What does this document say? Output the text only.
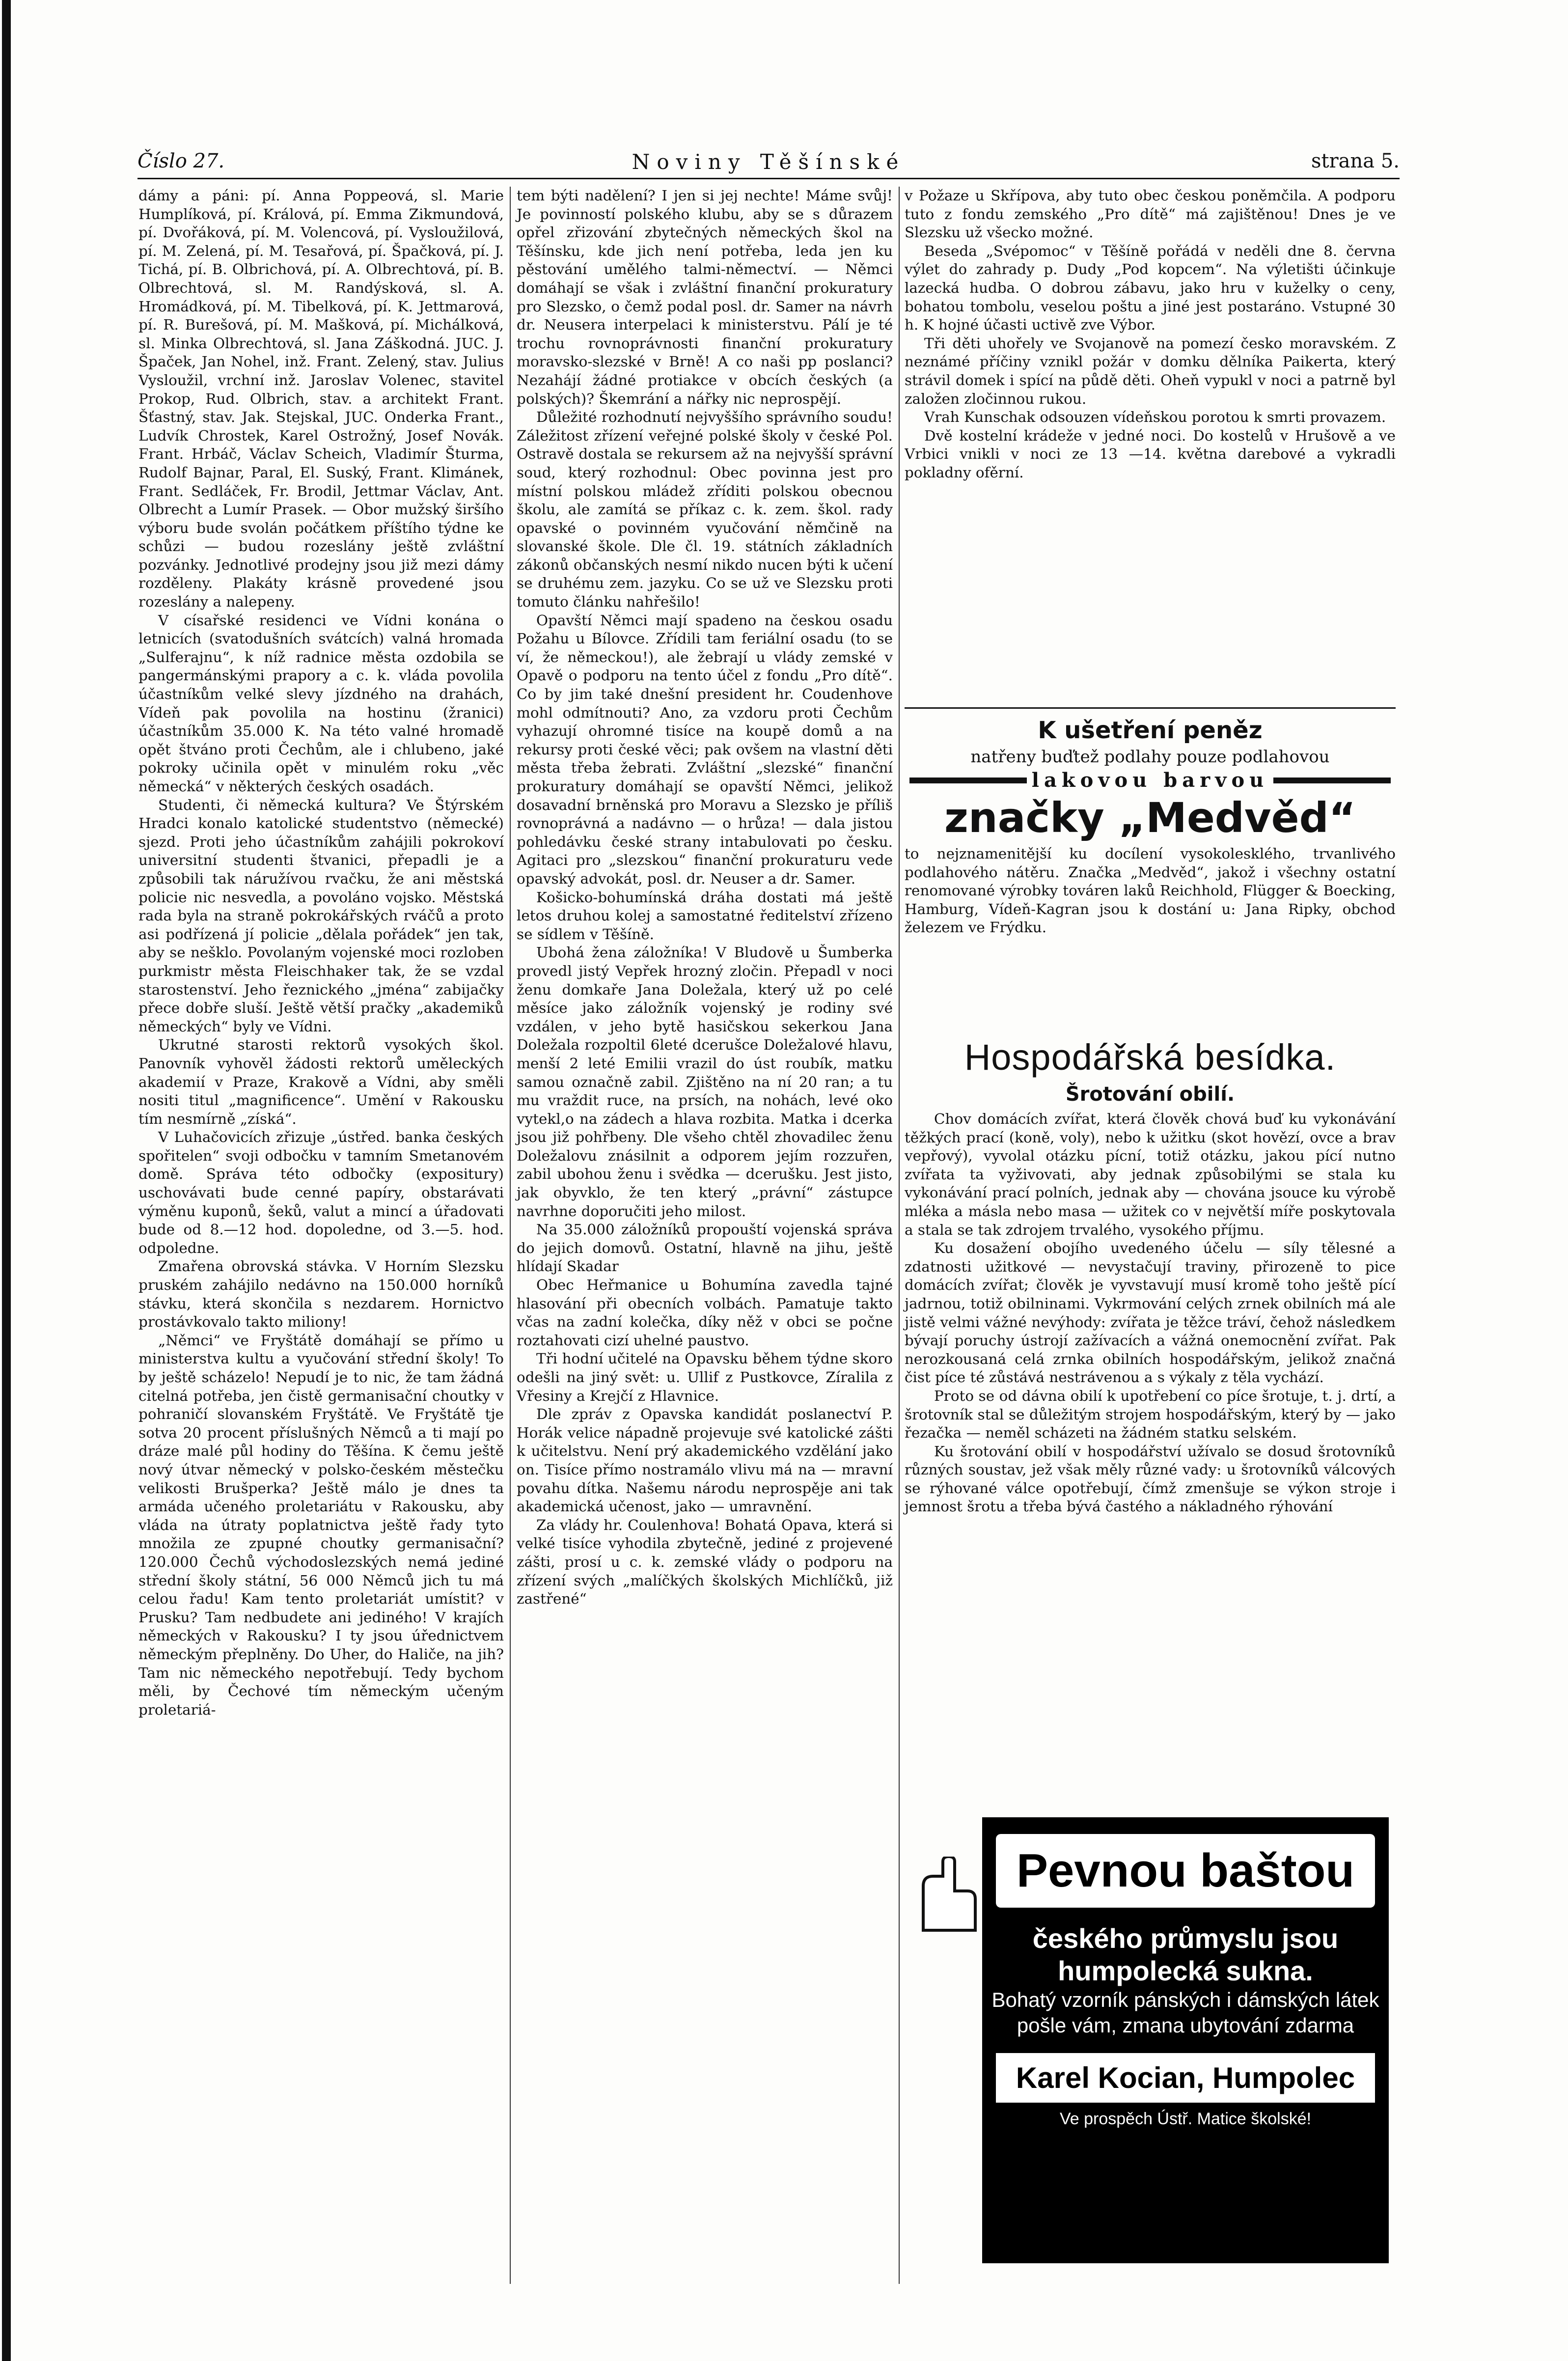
Číslo 27.	Noviny Těšínské	strana 5.

dámy a páni: pí. Anna Poppeová, sl. Marie Humplíková, pí. Králová, pí. Emma Zikmundová, pí. Dvořáková, pí. M. Volencová, pí. Vysloužilová, pí. M. Zelená, pí. M. Tesařová, pí. Špačková, pí. J. Tichá, pí. B. Olbrichová, pí. A. Olbrechtová, pí. B. Olbrechtová, sl. M. Randýsková, sl. A. Hromádková, pí. M. Tibelková, pí. K. Jettmarová, pí. R. Burešová, pí. M. Mašková, pí. Michálková, sl. Minka Olbrechtová, sl. Jana Záškodná. JUC. J. Špaček, Jan Nohel, inž. Frant. Zelený, stav. Julius Vysloužil, vrchní inž. Jaroslav Volenec, stavitel Prokop, Rud. Olbrich, stav. a architekt Frant. Šťastný, stav. Jak. Stejskal, JUC. Onderka Frant., Ludvík Chrostek, Karel Ostrožný, Josef Novák. Frant. Hrbáč, Václav Scheich, Vladimír Šturma, Rudolf Bajnar, Paral, El. Suský, Frant. Klimánek, Frant. Sedláček, Fr. Brodil, Jettmar Václav, Ant. Olbrecht a Lumír Prasek. — Obor mužský širšího výboru bude svolán počátkem příštího týdne ke schůzi — budou rozeslány ještě zvláštní pozvánky. Jednotlivé prodejny jsou již mezi dámy rozděleny. Plakáty krásně provedené jsou rozeslány a nalepeny.

V císařské residenci ve Vídni konána o letnicích (svatodušních svátcích) valná hromada „Sulferajnu“, k níž radnice města ozdobila se pangermánskými prapory a c. k. vláda povolila účastníkům velké slevy jízdného na drahách, Vídeň pak povolila na hostinu (žranici) účastníkům 35.000 K. Na této valné hromadě opět štváno proti Čechům, ale i chlubeno, jaké pokroky učinila opět v minulém roku „věc německá“ v některých českých osadách.

Studenti, či německá kultura? Ve Štýrském Hradci konalo katolické studentstvo (německé) sjezd. Proti jeho účastníkům zahájili pokrokoví universitní studenti štvanici, přepadli je a způsobili tak náružívou rvačku, že ani městská policie nic nesvedla, a povoláno vojsko. Městská rada byla na straně pokrokářských rváčů a proto asi podřízená jí policie „dělala pořádek“ jen tak, aby se nešklo. Povolaným vojenské moci rozloben purkmistr města Fleischhaker tak, že se vzdal starostenství. Jeho řeznického „jména“ zabijačky přece dobře sluší. Ještě větší pračky „akademiků německých“ byly ve Vídni.

Ukrutné starosti rektorů vysokých škol. Panovník vyhověl žádosti rektorů uměleckých akademií v Praze, Krakově a Vídni, aby směli nositi titul „magnificence“. Umění v Rakousku tím nesmírně „získá“.

V Luhačovicích zřizuje „ústřed. banka českých spořitelen“ svoji odbočku v tamním Smetanovém domě. Správa této odbočky (expositury) uschovávati bude cenné papíry, obstarávati výměnu kuponů, šeků, valut a mincí a úřadovati bude od 8.—12 hod. dopoledne, od 3.—5. hod. odpoledne.

Zmařena obrovská stávka. V Horním Slezsku pruském zahájilo nedávno na 150.000 horníků stávku, která skončila s nezdarem. Hornictvo prostávkovalo takto miliony!

„Němci“ ve Fryštátě domáhají se přímo u ministerstva kultu a vyučování střední školy! To by ještě scházelo! Nepudí je to nic, že tam žádná citelná potřeba, jen čistě germanisační choutky v pohraničí slovanském Fryštátě. Ve Fryštátě tje sotva 20 procent příslušných Němců a ti mají po dráze malé půl hodiny do Těšína. K čemu ještě nový útvar německý v polsko-českém městečku velikosti Brušperka? Ještě málo je dnes ta armáda učeného proletariátu v Rakousku, aby vláda na útraty poplatnictva ještě řady tyto množila ze zpupné choutky germanisační? 120.000 Čechů východoslezských nemá jediné střední školy státní, 56 000 Němců jich tu má celou řadu! Kam tento proletariát umístit? v Prusku? Tam nedbudete ani jediného! V krajích německých v Rakousku? I ty jsou úřednictvem německým přeplněny. Do Uher, do Haliče, na jih? Tam nic německého nepotřebují. Tedy bychom měli, by Čechové tím německým učeným proletariá-

tem býti nadělení? I jen si jej nechte! Máme svůj! Je povinností polského klubu, aby se s důrazem opřel zřizování zbytečných německých škol na Těšínsku, kde jich není potřeba, leda jen ku pěstování umělého talmi-němectví. — Němci domáhají se však i zvláštní finanční prokuratury pro Slezsko, o čemž podal posl. dr. Samer na návrh dr. Neusera interpelaci k ministerstvu. Pálí je té trochu rovnoprávnosti finanční prokuratury moravsko-slezské v Brně! A co naši pp poslanci? Nezahájí žádné protiakce v obcích českých (a polských)? Škemrání a nářky nic neprospějí.

Důležité rozhodnutí nejvyššího správního soudu! Záležitost zřízení veřejné polské školy v české Pol. Ostravě dostala se rekursem až na nejvyšší správní soud, který rozhodnul: Obec povinna jest pro místní polskou mládež zříditi polskou obecnou školu, ale zamítá se příkaz c. k. zem. škol. rady opavské o povinném vyučování němčině na slovanské škole. Dle čl. 19. státních základních zákonů občanských nesmí nikdo nucen býti k učení se druhému zem. jazyku. Co se už ve Slezsku proti tomuto článku nahřešilo!

Opavští Němci mají spadeno na českou osadu Požahu u Bílovce. Zřídili tam feriální osadu (to se ví, že německou!), ale žebrají u vlády zemské v Opavě o podporu na tento účel z fondu „Pro dítě“. Co by jim také dnešní president hr. Coudenhove mohl odmítnouti? Ano, za vzdoru proti Čechům vyhazují ohromné tisíce na koupě domů a na rekursy proti české věci; pak ovšem na vlastní děti města třeba žebrati. Zvláštní „slezské“ finanční prokuratury domáhají se opavští Němci, jelikož dosavadní brněnská pro Moravu a Slezsko je příliš rovnoprávná a nadávno — o hrůza! — dala jistou pohledávku české strany intabulovati po česku. Agitaci pro „slezskou“ finanční prokuraturu vede opavský advokát, posl. dr. Neuser a dr. Samer.

Košicko-bohumínská dráha dostati má ještě letos druhou kolej a samostatné ředitelství zřízeno se sídlem v Těšíně.

Ubohá žena záložníka! V Bludově u Šumberka provedl jistý Vepřek hrozný zločin. Přepadl v noci ženu domkaře Jana Doležala, který už po celé měsíce jako záložník vojenský je rodiny své vzdálen, v jeho bytě hasičskou sekerkou Jana Doležala rozpoltil 6leté dcerušce Doležalové hlavu, menší 2 leté Emilii vrazil do úst roubík, matku samou označně zabil. Zjištěno na ní 20 ran; a tu mu vraždit ruce, na prsích, na nohách, levé oko vytekl,o na zádech a hlava rozbita. Matka i dcerka jsou již pohřbeny. Dle všeho chtěl zhovadilec ženu Doležalovu znásilnit a odporem jejím rozzuřen, zabil ubohou ženu i svědka — dcerušku. Jest jisto, jak obyvklo, že ten který „právní“ zástupce navrhne doporučiti jeho milost.

Na 35.000 záložníků propouští vojenská správa do jejich domovů. Ostatní, hlavně na jihu, ještě hlídají Skadar

Obec Heřmanice u Bohumína zavedla tajné hlasování při obecních volbách. Pamatuje takto včas na zadní kolečka, díky něž v obci se počne roztahovati cizí uhelné paustvo.

Tři hodní učitelé na Opavsku během týdne skoro odešli na jiný svět: u. Ullif z Pustkovce, Zíralila z Vřesiny a Krejčí z Hlavnice.

Dle zpráv z Opavska kandidát poslanectví P. Horák velice nápadně projevuje své katolické zášti k učitelstvu. Není prý akademického vzdělání jako on. Tisíce přímo nostramálo vlivu má na — mravní povahu dítka. Našemu národu neprospěje ani tak akademická učenost, jako — umravnění.

Za vlády hr. Coulenhova! Bohatá Opava, která si velké tisíce vyhodila zbytečně, jediné z projevené zášti, prosí u c. k. zemské vlády o podporu na zřízení svých „malíčkých školských Michlíčků, již zastřené“

v Požaze u Skřípova, aby tuto obec českou poněmčila. A podporu tuto z fondu zemského „Pro dítě“ má zajištěnou! Dnes je ve Slezsku už všecko možné.

Beseda „Svépomoc“ v Těšíně pořádá v neděli dne 8. června výlet do zahrady p. Dudy „Pod kopcem“. Na výletišti účinkuje lazecká hudba. O dobrou zábavu, jako hru v kuželky o ceny, bohatou tombolu, veselou poštu a jiné jest postaráno. Vstupné 30 h. K hojné účasti uctivě zve Výbor.

Tři děti uhořely ve Svojanově na pomezí česko moravském. Z neznámé příčiny vznikl požár v domku dělníka Paikerta, který strávil domek i spící na půdě děti. Oheň vypukl v noci a patrně byl založen zločinnou rukou.

Vrah Kunschak odsouzen vídeňskou porotou k smrti provazem.

Dvě kostelní krádeže v jedné noci. Do kostelů v Hrušově a ve Vrbici vnikli v noci ze 13 —14. května darebové a vykradli pokladny ofěrní.

K ušetření peněz
natřeny buďtež podlahy pouze podlahovou
lakovou barvou
značky „Medvěd“
to nejznamenitější ku docílení vysokolesklého, trvanlivého podlahového nátěru. Značka „Medvěd“, jakož i všechny ostatní renomované výrobky továren laků Reichhold, Flügger & Boecking, Hamburg, Vídeň-Kagran jsou k dostání u: Jana Ripky, obchod železem ve Frýdku.
Hospodářská besídka.
Šrotování obilí.

Chov domácích zvířat, která člověk chová buď ku vykonávání těžkých prací (koně, voly), nebo k užitku (skot hovězí, ovce a brav vepřový), vyvolal otázku pícní, totiž otázku, jakou pící nutno zvířata ta vyživovati, aby jednak způsobilými se stala ku vykonávání prací polních, jednak aby — chována jsouce ku výrobě mléka a másla nebo masa — užitek co v největší míře poskytovala a stala se tak zdrojem trvalého, vysokého příjmu.

Ku dosažení obojího uvedeného účelu — síly tělesné a zdatnosti užitkové — nevystačují traviny, přirozeně to pice domácích zvířat; člověk je vyvstavují musí kromě toho ještě pící jadrnou, totiž obilninami. Vykrmování celých zrnek obilních má ale jistě velmi vážné nevýhody: zvířata je těžce tráví, čehož následkem bývají poruchy ústrojí zažívacích a vážná onemocnění zvířat. Pak nerozkousaná celá zrnka obilních hospodářským, jelikož značná čist píce té zůstává nestrávenou a s výkaly z těla vychází.

Proto se od dávna obilí k upotřebení co píce šrotuje, t. j. drtí, a šrotovník stal se důležitým strojem hospodářským, který by — jako řezačka — neměl scházeti na žádném statku selském.

Ku šrotování obilí v hospodářství užívalo se dosud šrotovníků různých soustav, jež však měly různé vady: u šrotovníků válcových se rýhované válce opotřebují, čímž zmenšuje se výkon stroje i jemnost šrotu a třeba bývá častého a nákladného rýhování

Pevnou baštou
českého průmyslu jsou
humpolecká sukna.
Bohatý vzorník pánských i dámských látek pošle vám, zmana ubytování zdarma
Karel Kocian, Humpolec
Ve prospěch Ústř. Matice školské!
